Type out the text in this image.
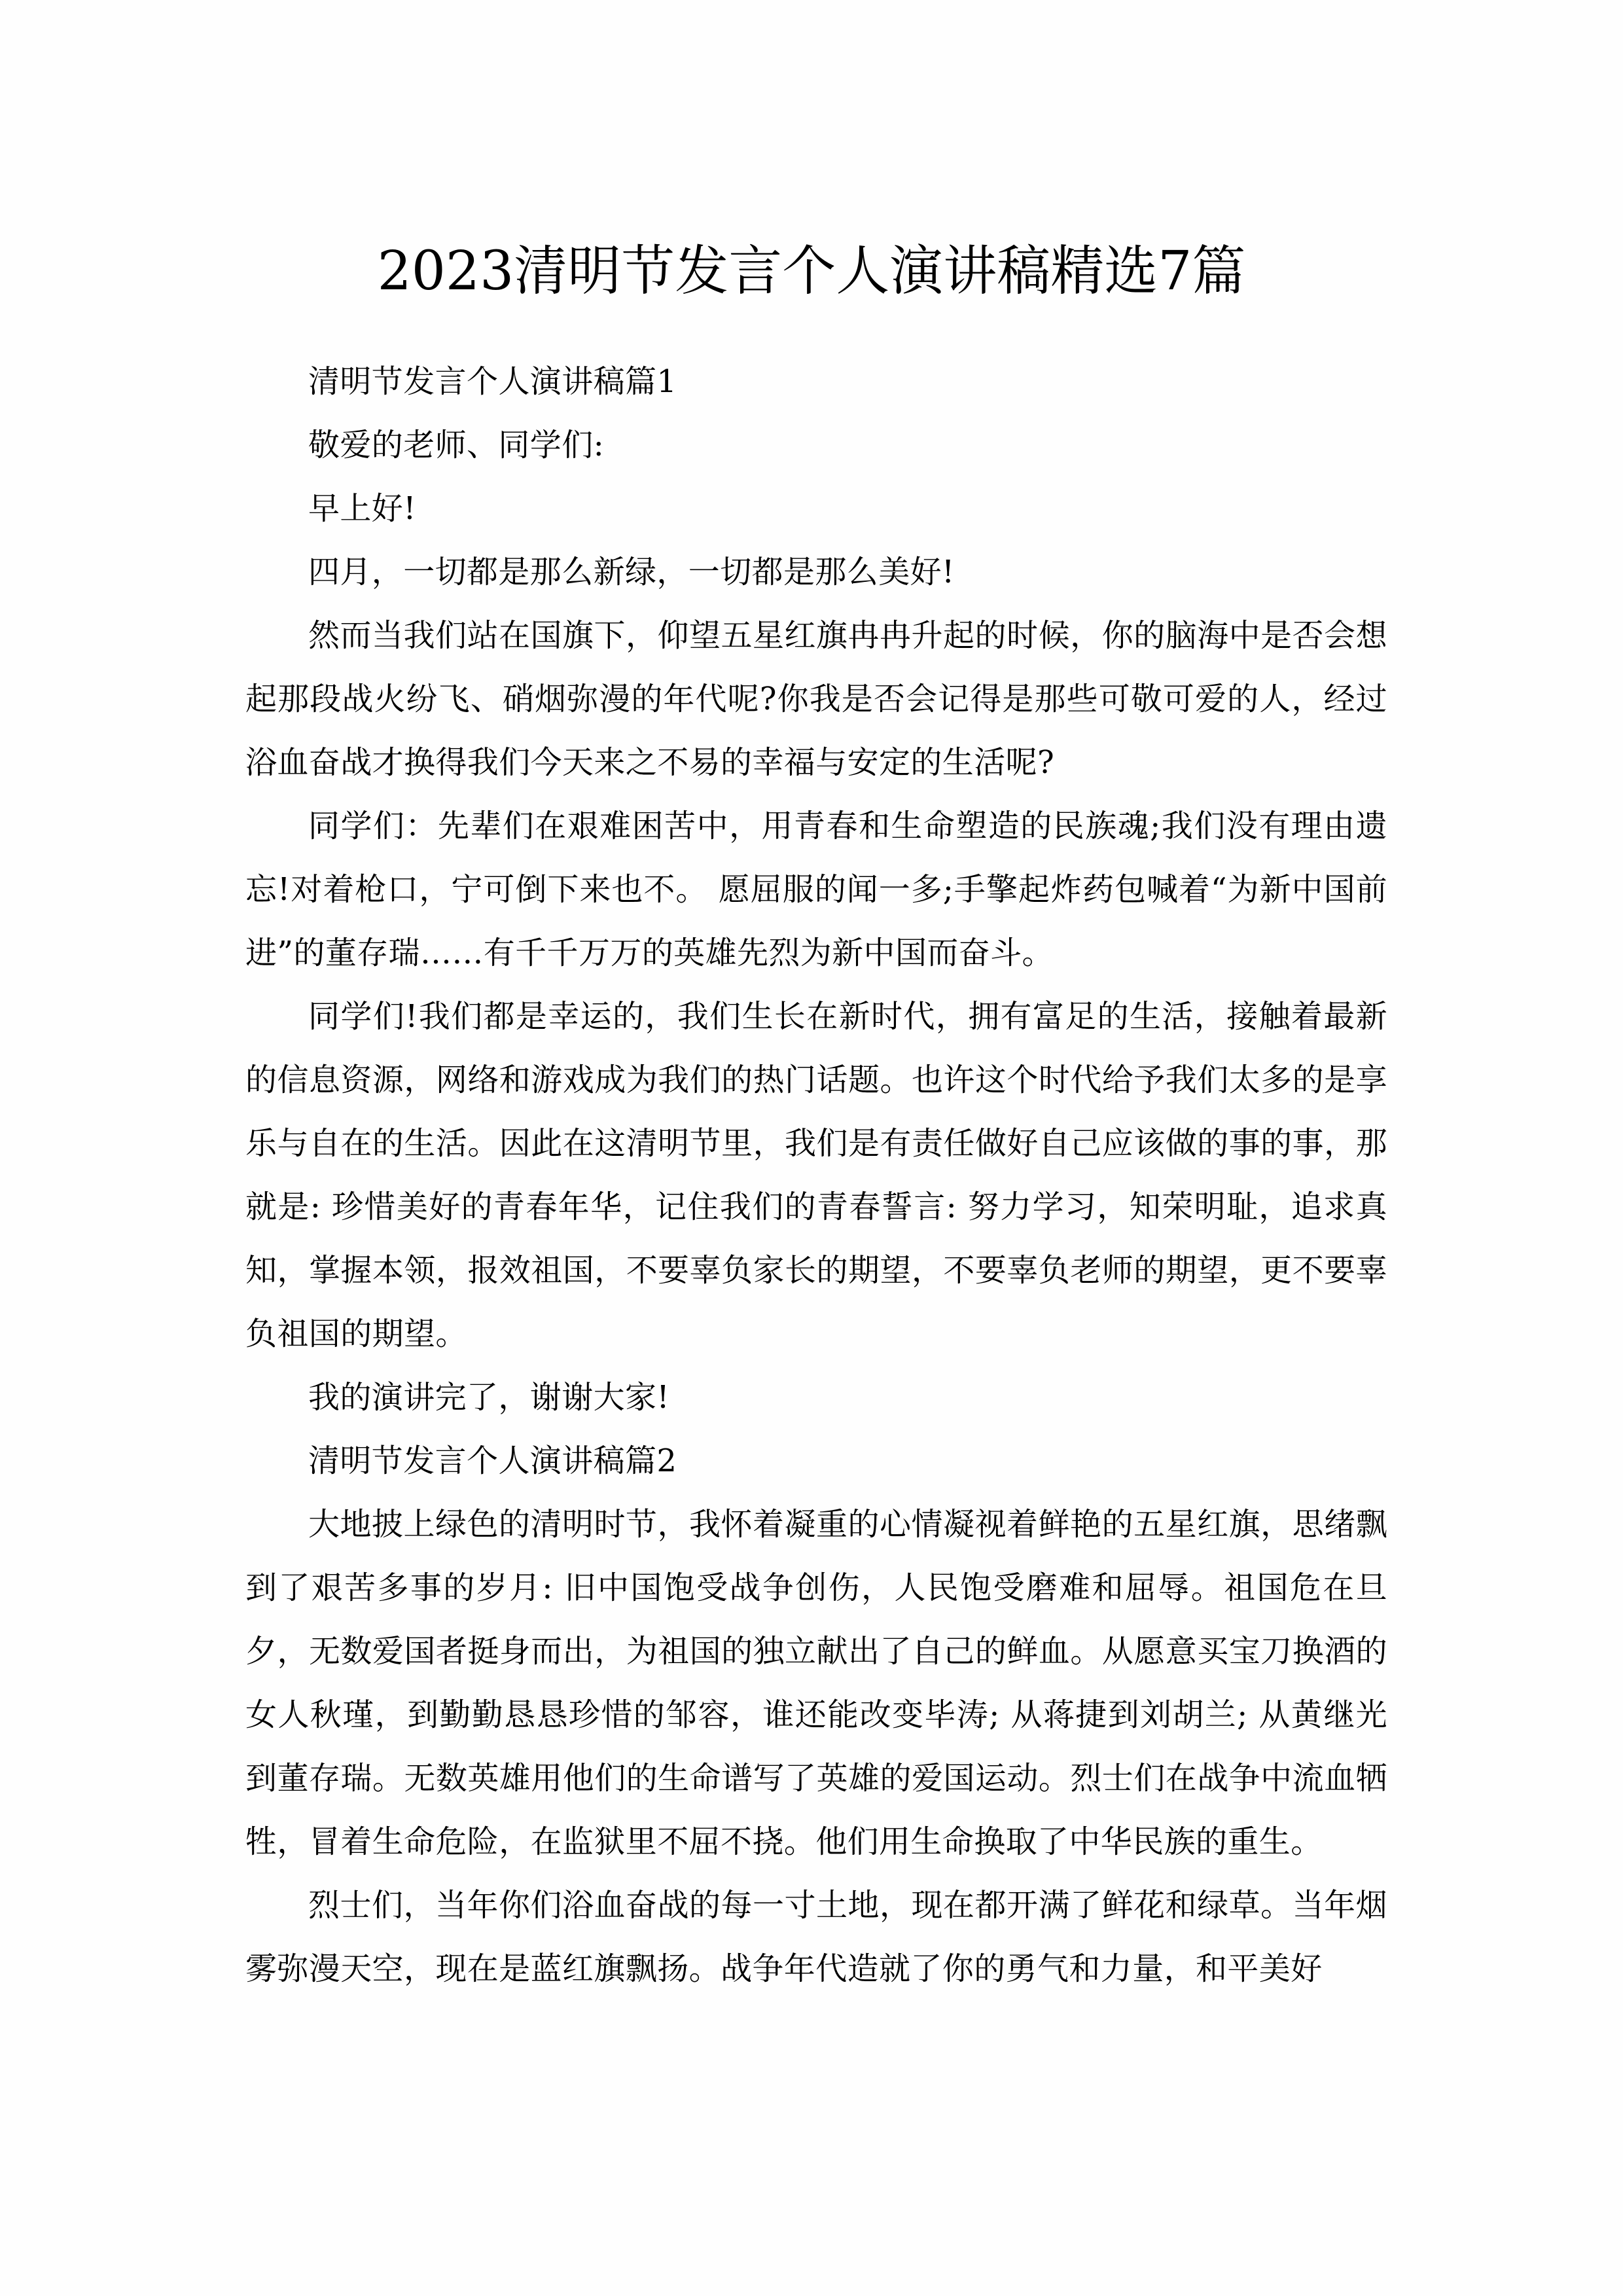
2023清明节发言个人演讲稿精选7篇

清明节发言个人演讲稿篇1

敬爱的老师、同学们:

早上好!

四月，一切都是那么新绿，一切都是那么美好!

然而当我们站在国旗下，仰望五星红旗冉冉升起的时候，你的脑海中是否会想起那段战火纷飞、硝烟弥漫的年代呢?你我是否会记得是那些可敬可爱的人，经过浴血奋战才换得我们今天来之不易的幸福与安定的生活呢?

同学们：先辈们在艰难困苦中，用青春和生命塑造的民族魂;我们没有理由遗忘!对着枪口，宁可倒下来也不。 愿屈服的闻一多;手擎起炸药包喊着“为新中国前进”的董存瑞……有千千万万的英雄先烈为新中国而奋斗。

同学们!我们都是幸运的，我们生长在新时代，拥有富足的生活，接触着最新的信息资源，网络和游戏成为我们的热门话题。也许这个时代给予我们太多的是享乐与自在的生活。因此在这清明节里，我们是有责任做好自己应该做的事的事，那就是: 珍惜美好的青春年华，记住我们的青春誓言: 努力学习，知荣明耻，追求真知，掌握本领，报效祖国，不要辜负家长的期望，不要辜负老师的期望，更不要辜负祖国的期望。

我的演讲完了，谢谢大家!

清明节发言个人演讲稿篇2

大地披上绿色的清明时节，我怀着凝重的心情凝视着鲜艳的五星红旗，思绪飘到了艰苦多事的岁月: 旧中国饱受战争创伤，人民饱受磨难和屈辱。祖国危在旦夕，无数爱国者挺身而出，为祖国的独立献出了自己的鲜血。从愿意买宝刀换酒的女人秋瑾，到勤勤恳恳珍惜的邹容，谁还能改变毕涛; 从蒋捷到刘胡兰; 从黄继光到董存瑞。无数英雄用他们的生命谱写了英雄的爱国运动。烈士们在战争中流血牺牲，冒着生命危险，在监狱里不屈不挠。他们用生命换取了中华民族的重生。

烈士们，当年你们浴血奋战的每一寸土地，现在都开满了鲜花和绿草。当年烟雾弥漫天空，现在是蓝红旗飘扬。战争年代造就了你的勇气和力量，和平美好
